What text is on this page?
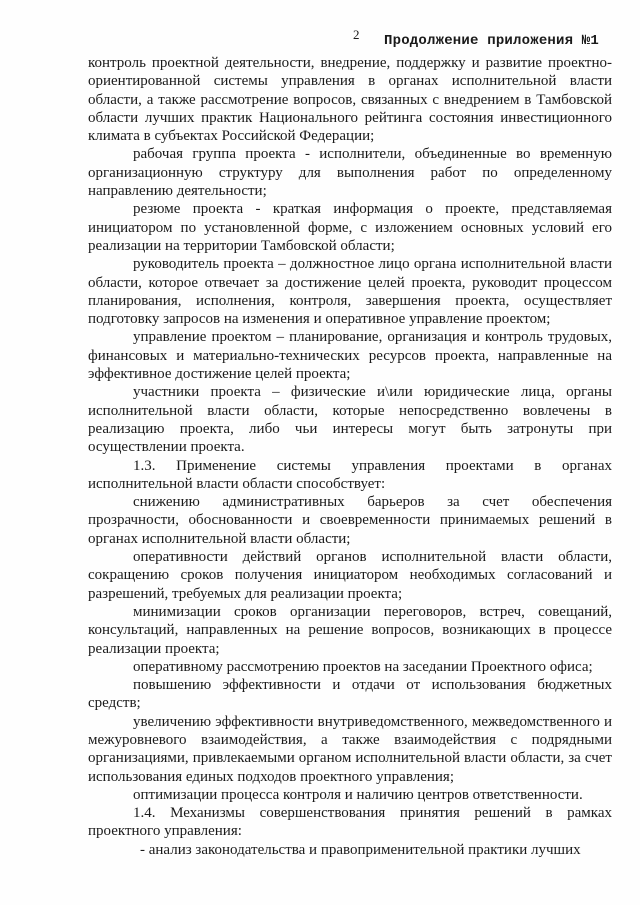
2 Продолжение приложения №1

контроль проектной деятельности, внедрение, поддержку и развитие проектно-ориентированной системы управления в органах исполнительной власти области, а также рассмотрение вопросов, связанных с внедрением в Тамбовской области лучших практик Национального рейтинга состояния инвестиционного климата в субъектах Российской Федерации;

рабочая группа проекта - исполнители, объединенные во временную организационную структуру для выполнения работ по определенному направлению деятельности;

резюме проекта - краткая информация о проекте, представляемая инициатором по установленной форме, с изложением основных условий его реализации на территории Тамбовской области;

руководитель проекта – должностное лицо органа исполнительной власти области, которое отвечает за достижение целей проекта, руководит процессом планирования, исполнения, контроля, завершения проекта, осуществляет подготовку запросов на изменения и оперативное управление проектом;

управление проектом – планирование, организация и контроль трудовых, финансовых и материально-технических ресурсов проекта, направленные на эффективное достижение целей проекта;

участники проекта – физические и\или юридические лица, органы исполнительной власти области, которые непосредственно вовлечены в реализацию проекта, либо чьи интересы могут быть затронуты при осуществлении проекта.

1.3. Применение системы управления проектами в органах исполнительной власти области способствует:

снижению административных барьеров за счет обеспечения прозрачности, обоснованности и своевременности принимаемых решений в органах исполнительной власти области;

оперативности действий органов исполнительной власти области, сокращению сроков получения инициатором необходимых согласований и разрешений, требуемых для реализации проекта;

минимизации сроков организации переговоров, встреч, совещаний, консультаций, направленных на решение вопросов, возникающих в процессе реализации проекта;

оперативному рассмотрению проектов на заседании Проектного офиса;

повышению эффективности и отдачи от использования бюджетных средств;

увеличению эффективности внутриведомственного, межведомственного и межуровневого взаимодействия, а также взаимодействия с подрядными организациями, привлекаемыми органом исполнительной власти области, за счет использования единых подходов проектного управления;

оптимизации процесса контроля и наличию центров ответственности.

1.4. Механизмы совершенствования принятия решений в рамках проектного управления:

- анализ законодательства и правоприменительной практики лучших
